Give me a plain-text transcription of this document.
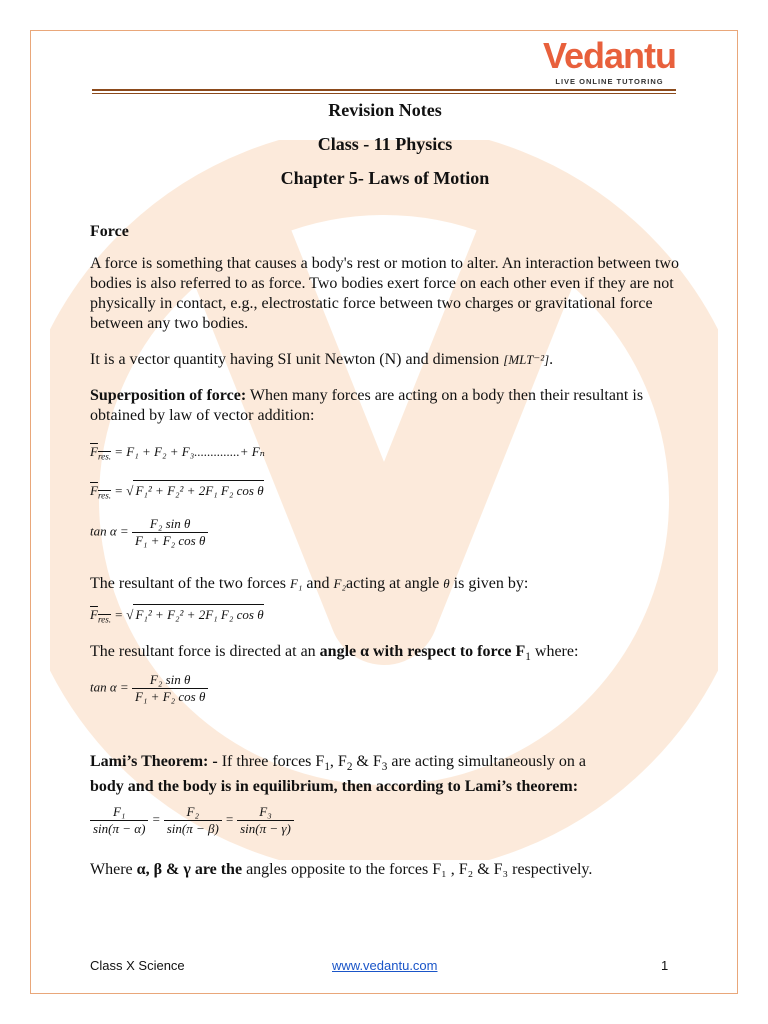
Vedantu
LIVE ONLINE TUTORING

Revision Notes

Class - 11 Physics

Chapter 5- Laws of Motion

Force

A force is something that causes a body's rest or motion to alter. An interaction between two bodies is also referred to as force. Two bodies exert force on each other even if they are not physically in contact, e.g., electrostatic force between two charges or gravitational force between any two bodies.

It is a vector quantity having SI unit Newton (N) and dimension [MLT⁻²].

Superposition of force: When many forces are acting on a body then their resultant is obtained by law of vector addition:

$F_{res.} = F_1 + F_2 + F_3..............+ F_n$
$F_{res.}$ = √ F₁² + F₂² + 2F₁ F₂ cos θ
$\tan \alpha = \frac{\text{F₂ sin θ}}{\text{F₁ + F₂ cos θ}}$

The resultant of the two forces F₁ and F₂acting at angle θ is given by:

$F_{res.}$ = √ F₁² + F₂² + 2F₁ F₂ cos θ

The resultant force is directed at an angle α with respect to force $F_1$ where:

$\tan \alpha = \frac{\text{F₂ sin θ}}{\text{F₁ + F₂ cos θ}}$

Lami’s Theorem: - If three forces $F_1$, $F_2$ & $F_3$ are acting simultaneously on a
body and the body is in equilibrium, then according to Lami’s theorem:

$\frac{\text{F₁}}{\sin(\pi - \alpha)} = \frac{\text{F₂}}{\sin(\pi - \beta)} = \frac{\text{F₃}}{\sin(\pi - \gamma)}$

Where α, β & γ are the angles opposite to the forces F₁ , F₂ & F₃ respectively.

Class X Science	www.vedantu.com	1
